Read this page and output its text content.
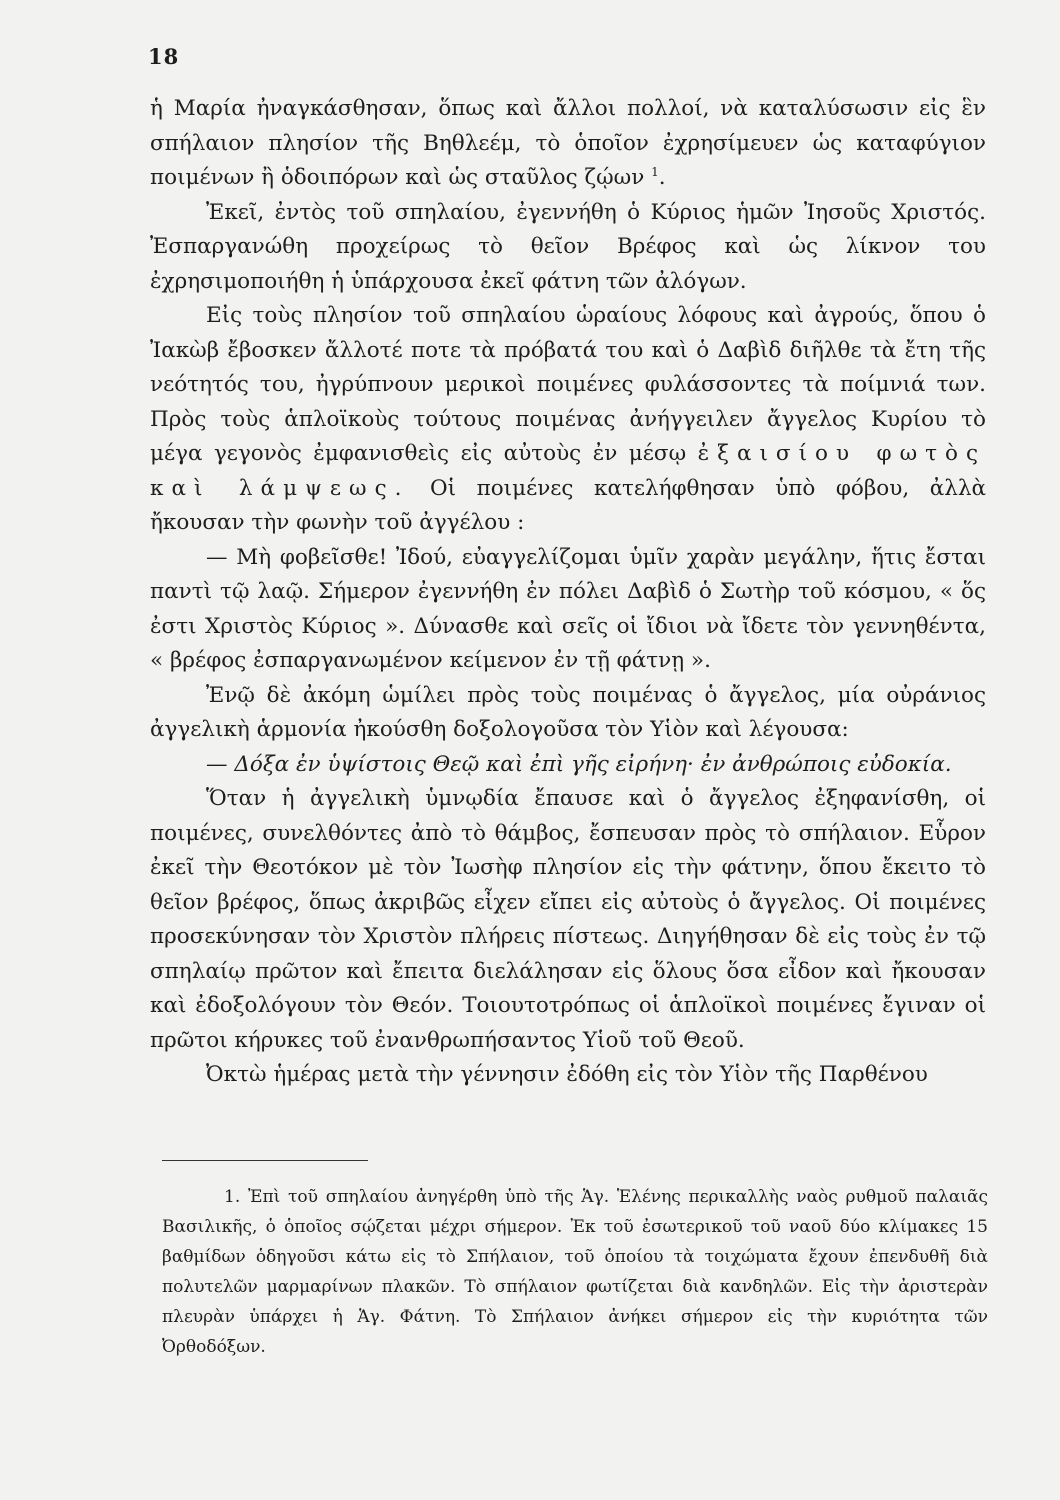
18

ἡ Μαρία ἠναγκάσθησαν, ὅπως καὶ ἄλλοι πολλοί, νὰ καταλύσωσιν εἰς ἓν σπήλαιον πλησίον τῆς Βηθλεέμ, τὸ ὁποῖον ἐχρησίμευεν ὡς καταφύγιον ποιμένων ἢ ὁδοιπόρων καὶ ὡς σταῦλος ζῴων $^1$.

Ἐκεῖ, ἐντὸς τοῦ σπηλαίου, ἐγεννήθη ὁ Κύριος ἡμῶν Ἰησοῦς Χριστός. Ἐσπαργανώθη προχείρως τὸ θεῖον Βρέφος καὶ ὡς λίκνον του ἐχρησιμοποιήθη ἡ ὑπάρχουσα ἐκεῖ φάτνη τῶν ἀλόγων.

Εἰς τοὺς πλησίον τοῦ σπηλαίου ὡραίους λόφους καὶ ἀγρούς, ὅπου ὁ Ἰακὼβ ἔβοσκεν ἄλλοτέ ποτε τὰ πρόβατά του καὶ ὁ Δαβὶδ διῆλθε τὰ ἔτη τῆς νεότητός του, ἠγρύπνουν μερικοὶ ποιμένες φυλάσσοντες τὰ ποίμνιά των. Πρὸς τοὺς ἁπλοϊκοὺς τούτους ποιμένας ἀνήγγειλεν ἄγγελος Κυρίου τὸ μέγα γεγονὸς ἐμφανισθεὶς εἰς αὐτοὺς ἐν μέσῳ ἐξαισίου φωτὸς καὶ λάμψεως. Οἱ ποιμένες κατελήφθησαν ὑπὸ φόβου, ἀλλὰ ἤκουσαν τὴν φωνὴν τοῦ ἀγγέλου :

— Μὴ φοβεῖσθε! Ἰδού, εὐαγγελίζομαι ὑμῖν χαρὰν μεγάλην, ἥτις ἔσται παντὶ τῷ λαῷ. Σήμερον ἐγεννήθη ἐν πόλει Δαβὶδ ὁ Σωτὴρ τοῦ κόσμου, « ὅς ἐστι Χριστὸς Κύριος ». Δύνασθε καὶ σεῖς οἱ ἴδιοι νὰ ἴδετε τὸν γεννηθέντα, « βρέφος ἐσπαργανωμένον κείμενον ἐν τῇ φάτνῃ ».

Ἐνῷ δὲ ἀκόμη ὡμίλει πρὸς τοὺς ποιμένας ὁ ἄγγελος, μία οὐράνιος ἀγγελικὴ ἁρμονία ἠκούσθη δοξολογοῦσα τὸν Υἱὸν καὶ λέγουσα:

— Δόξα ἐν ὑψίστοις Θεῷ καὶ ἐπὶ γῆς εἰρήνη· ἐν ἀνθρώποις εὐδοκία.

Ὅταν ἡ ἀγγελικὴ ὑμνῳδία ἔπαυσε καὶ ὁ ἄγγελος ἐξηφανίσθη, οἱ ποιμένες, συνελθόντες ἀπὸ τὸ θάμβος, ἔσπευσαν πρὸς τὸ σπήλαιον. Εὗρον ἐκεῖ τὴν Θεοτόκον μὲ τὸν Ἰωσὴφ πλησίον εἰς τὴν φάτνην, ὅπου ἔκειτο τὸ θεῖον βρέφος, ὅπως ἀκριβῶς εἶχεν εἴπει εἰς αὐτοὺς ὁ ἄγγελος. Οἱ ποιμένες προσεκύνησαν τὸν Χριστὸν πλήρεις πίστεως. Διηγήθησαν δὲ εἰς τοὺς ἐν τῷ σπηλαίῳ πρῶτον καὶ ἔπειτα διελάλησαν εἰς ὅλους ὅσα εἶδον καὶ ἤκουσαν καὶ ἐδοξολόγουν τὸν Θεόν. Τοιουτοτρόπως οἱ ἁπλοϊκοὶ ποιμένες ἔγιναν οἱ πρῶτοι κήρυκες τοῦ ἐνανθρωπήσαντος Υἱοῦ τοῦ Θεοῦ.

Ὀκτὼ ἡμέρας μετὰ τὴν γέννησιν ἐδόθη εἰς τὸν Υἱὸν τῆς Παρθένου

1. Ἐπὶ τοῦ σπηλαίου ἀνηγέρθη ὑπὸ τῆς Ἁγ. Ἑλένης περικαλλὴς ναὸς ρυθμοῦ παλαιᾶς Βασιλικῆς, ὁ ὁποῖος σῴζεται μέχρι σήμερον. Ἐκ τοῦ ἐσωτερικοῦ τοῦ ναοῦ δύο κλίμακες 15 βαθμίδων ὁδηγοῦσι κάτω εἰς τὸ Σπήλαιον, τοῦ ὁποίου τὰ τοιχώματα ἔχουν ἐπενδυθῆ διὰ πολυτελῶν μαρμαρίνων πλακῶν. Τὸ σπήλαιον φωτίζεται διὰ κανδηλῶν. Εἰς τὴν ἀριστερὰν πλευρὰν ὑπάρχει ἡ Ἁγ. Φάτνη. Τὸ Σπήλαιον ἀνήκει σήμερον εἰς τὴν κυριότητα τῶν Ὀρθοδόξων.
